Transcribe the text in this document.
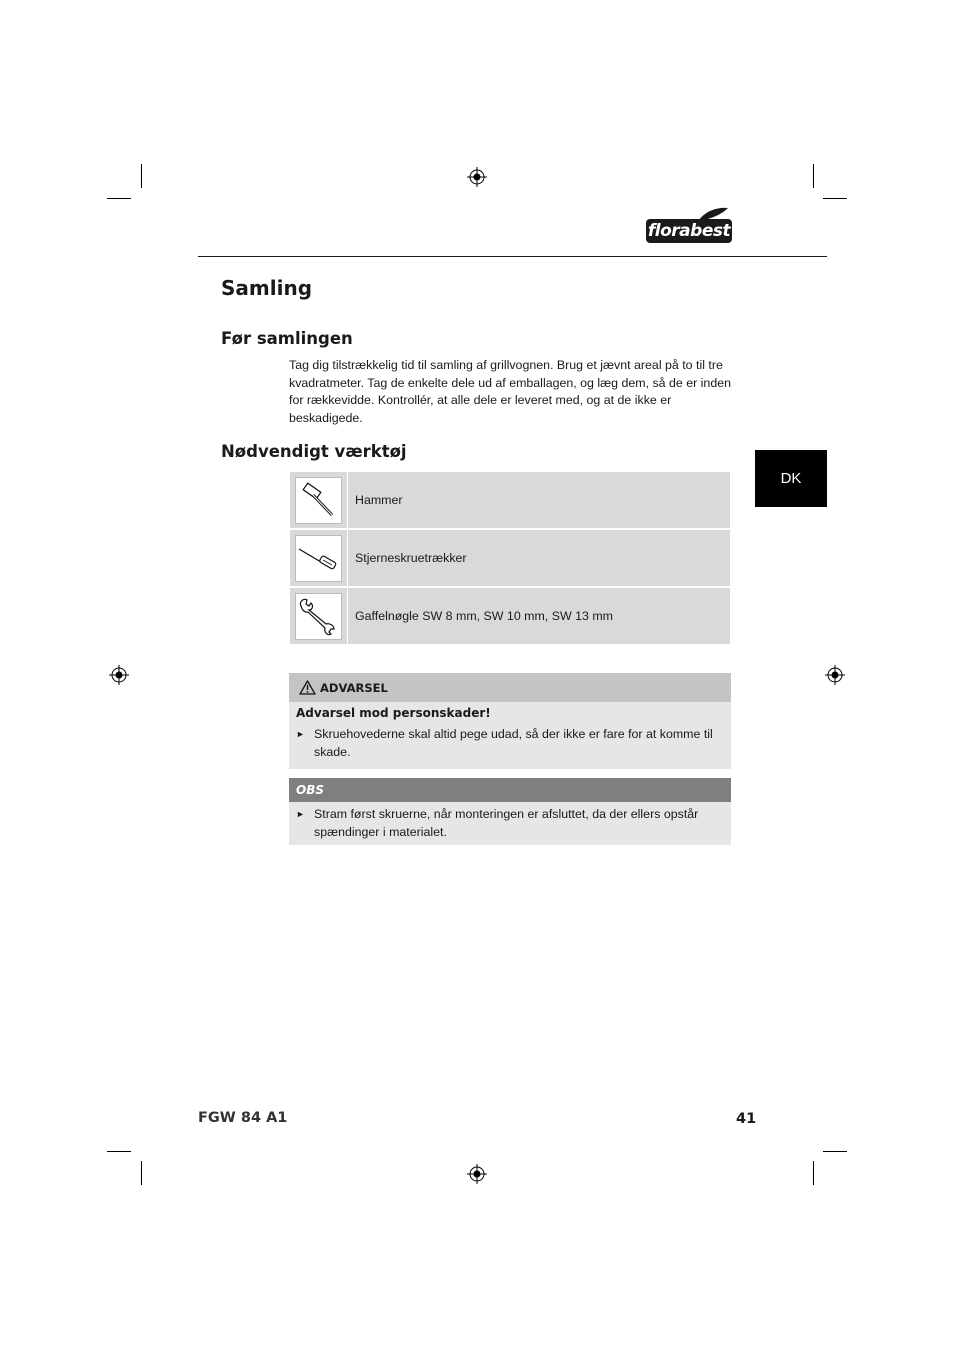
florabest
Samling
Før samlingen
Tag dig tilstrækkelig tid til samling af grillvognen. Brug et jævnt areal på to til tre kvadratmeter. Tag de enkelte dele ud af emballagen, og læg dem, så de er inden for rækkevidde. Kontrollér, at alle dele er leveret med, og at de ikke er beskadigede.
Nødvendigt værktøj
DK
Hammer
Stjerneskruetrækker
Gaffelnøgle SW 8 mm, SW 10 mm, SW 13 mm
ADVARSEL
Advarsel mod personskader!
► Skruehovederne skal altid pege udad, så der ikke er fare for at komme til skade.
OBS
► Stram først skruerne, når monteringen er afsluttet, da der ellers opstår spændinger i materialet.
FGW 84 A1	41
